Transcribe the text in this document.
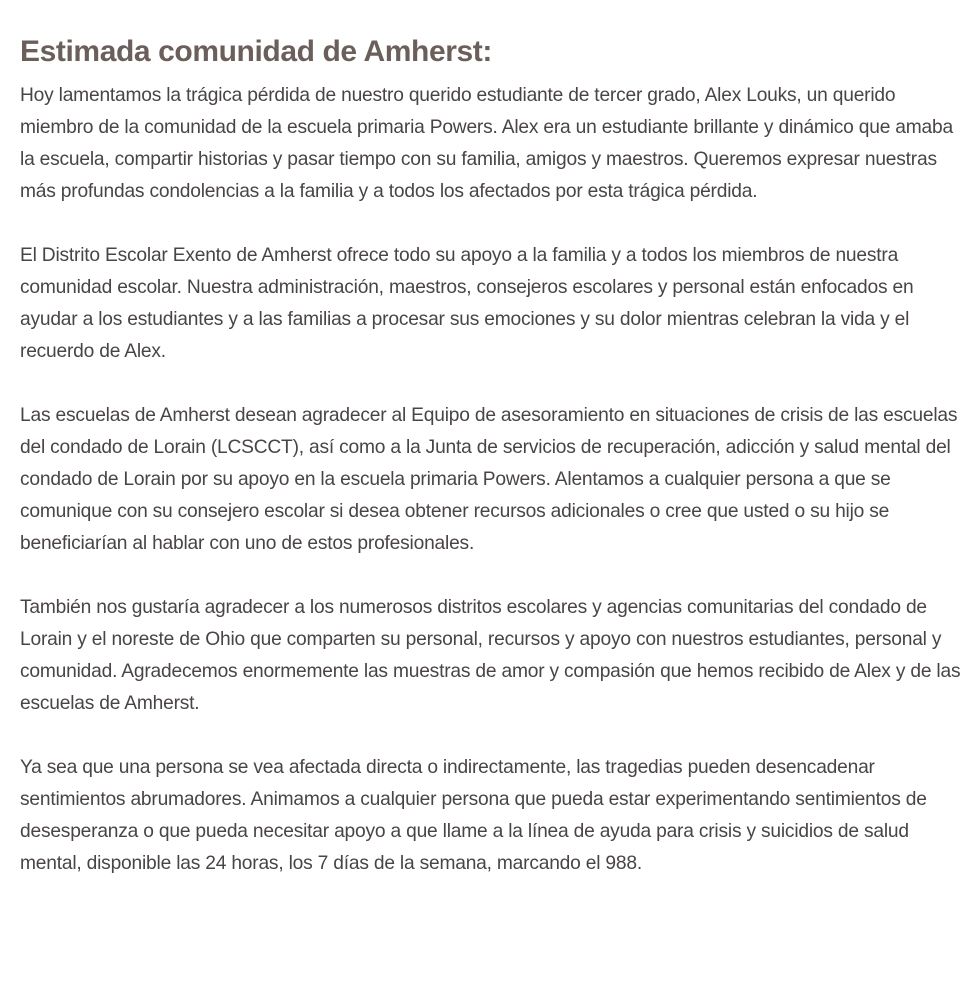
Estimada comunidad de Amherst:

Hoy lamentamos la trágica pérdida de nuestro querido estudiante de tercer grado, Alex Louks, un querido miembro de la comunidad de la escuela primaria Powers. Alex era un estudiante brillante y dinámico que amaba la escuela, compartir historias y pasar tiempo con su familia, amigos y maestros. Queremos expresar nuestras más profundas condolencias a la familia y a todos los afectados por esta trágica pérdida.

El Distrito Escolar Exento de Amherst ofrece todo su apoyo a la familia y a todos los miembros de nuestra comunidad escolar. Nuestra administración, maestros, consejeros escolares y personal están enfocados en ayudar a los estudiantes y a las familias a procesar sus emociones y su dolor mientras celebran la vida y el recuerdo de Alex.

Las escuelas de Amherst desean agradecer al Equipo de asesoramiento en situaciones de crisis de las escuelas del condado de Lorain (LCSCCT), así como a la Junta de servicios de recuperación, adicción y salud mental del condado de Lorain por su apoyo en la escuela primaria Powers. Alentamos a cualquier persona a que se comunique con su consejero escolar si desea obtener recursos adicionales o cree que usted o su hijo se beneficiarían al hablar con uno de estos profesionales.

También nos gustaría agradecer a los numerosos distritos escolares y agencias comunitarias del condado de Lorain y el noreste de Ohio que comparten su personal, recursos y apoyo con nuestros estudiantes, personal y comunidad. Agradecemos enormemente las muestras de amor y compasión que hemos recibido de Alex y de las escuelas de Amherst.

Ya sea que una persona se vea afectada directa o indirectamente, las tragedias pueden desencadenar sentimientos abrumadores. Animamos a cualquier persona que pueda estar experimentando sentimientos de desesperanza o que pueda necesitar apoyo a que llame a la línea de ayuda para crisis y suicidios de salud mental, disponible las 24 horas, los 7 días de la semana, marcando el 988.
